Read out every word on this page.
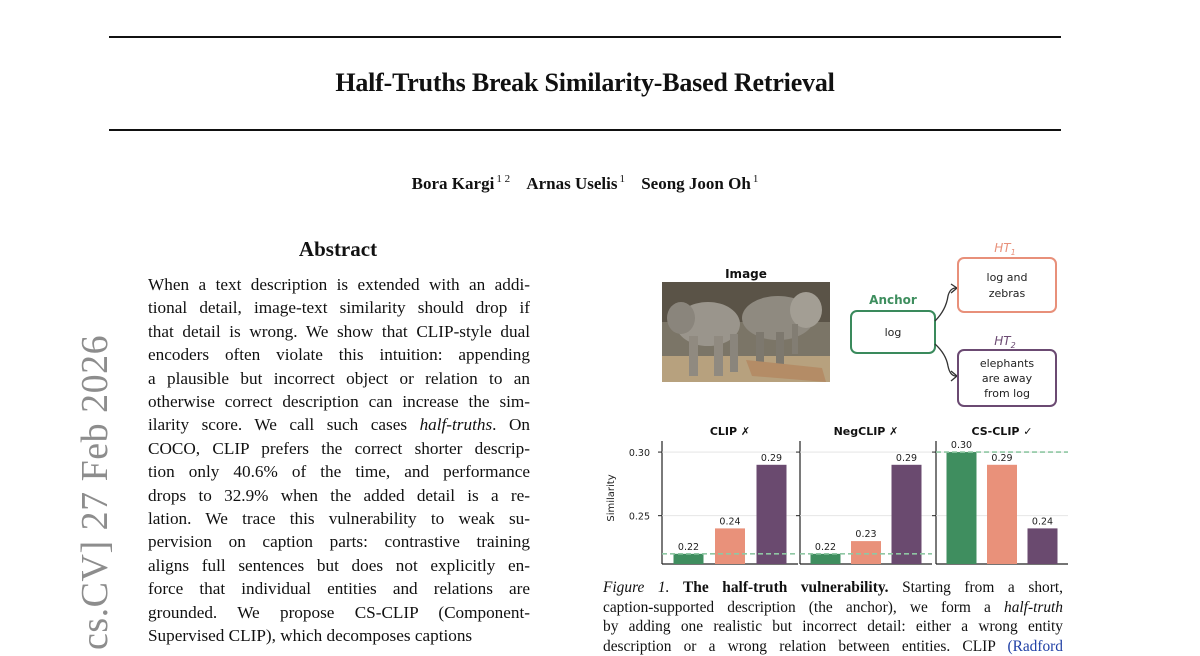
Half-Truths Break Similarity-Based Retrieval
Bora Kargi $^{1 2}$ Arnas Uselis $^1$ Seong Joon Oh $^1$
cs.CV] 27 Feb 2026
Abstract
When a text description is extended with an addi-
tional detail, image-text similarity should drop if
that detail is wrong. We show that CLIP-style dual
encoders often violate this intuition: appending
a plausible but incorrect object or relation to an
otherwise correct description can increase the sim-
ilarity score. We call such cases half-truths. On
COCO, CLIP prefers the correct shorter descrip-
tion only 40.6% of the time, and performance
drops to 32.9% when the added detail is a re-
lation. We trace this vulnerability to weak su-
pervision on caption parts: contrastive training
aligns full sentences but does not explicitly en-
force that individual entities and relations are
grounded. We propose CS-CLIP (Component-
Supervised CLIP), which decomposes captions
Image
Anchor
log
$HT_1$
log and
zebras
$HT_2$
elephants
are away
from log
CLIP ✗
0.22
0.24
0.29
NegCLIP ✗
0.22
0.23
0.29
CS-CLIP ✓
0.30
0.29
0.24
0.30
0.25
Similarity
Figure 1. The half-truth vulnerability. Starting from a short,
caption-supported description (the anchor), we form a half-truth
by adding one realistic but incorrect detail: either a wrong entity
description or a wrong relation between entities. CLIP (Radford
